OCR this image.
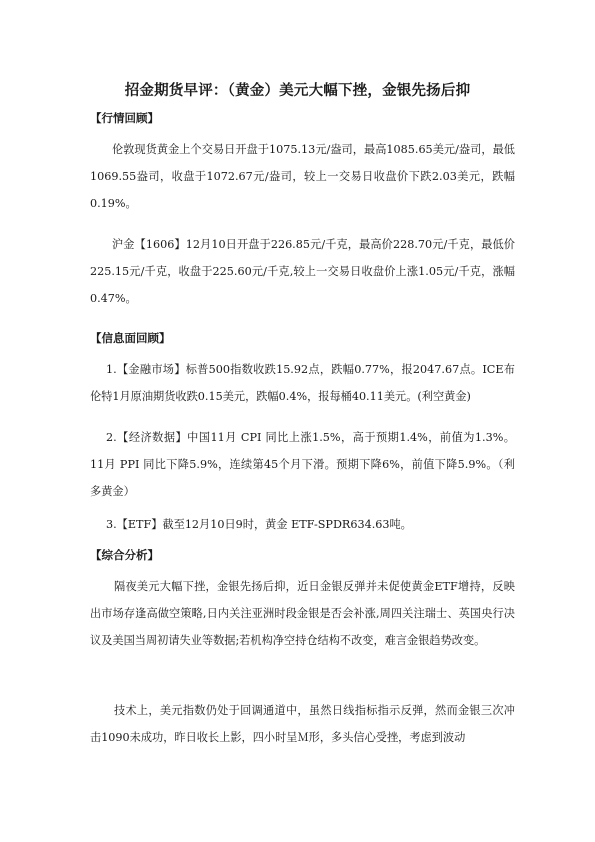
招金期货早评：（黄金）美元大幅下挫，金银先扬后抑
【行情回顾】

伦敦现货黄金上个交易日开盘于1075.13元/盎司，最高1085.65美元/盎司，最低1069.55盎司，收盘于1072.67元/盎司，较上一交易日收盘价下跌2.03美元，跌幅0.19%。

沪金【1606】12月10日开盘于226.85元/千克，最高价228.70元/千克，最低价225.15元/千克，收盘于225.60元/千克,较上一交易日收盘价上涨1.05元/千克，涨幅0.47%。

【信息面回顾】

1.【金融市场】标普500指数收跌15.92点，跌幅0.77%，报2047.67点。ICE布伦特1月原油期货收跌0.15美元，跌幅0.4%，报每桶40.11美元。(利空黄金)

2.【经济数据】中国11月 CPI 同比上涨1.5%，高于预期1.4%，前值为1.3%。11月 PPI 同比下降5.9%，连续第45个月下滑。预期下降6%，前值下降5.9%。（利多黄金）

3.【ETF】截至12月10日9时，黄金 ETF-SPDR634.63吨。

【综合分析】

隔夜美元大幅下挫，金银先扬后抑，近日金银反弹并未促使黄金ETF增持，反映出市场存逢高做空策略,日内关注亚洲时段金银是否会补涨,周四关注瑞士、英国央行决议及美国当周初请失业等数据;若机构净空持仓结构不改变，难言金银趋势改变。

技术上，美元指数仍处于回调通道中，虽然日线指标指示反弹，然而金银三次冲击1090未成功，昨日收长上影，四小时呈Ｍ形，多头信心受挫，考虑到波动
